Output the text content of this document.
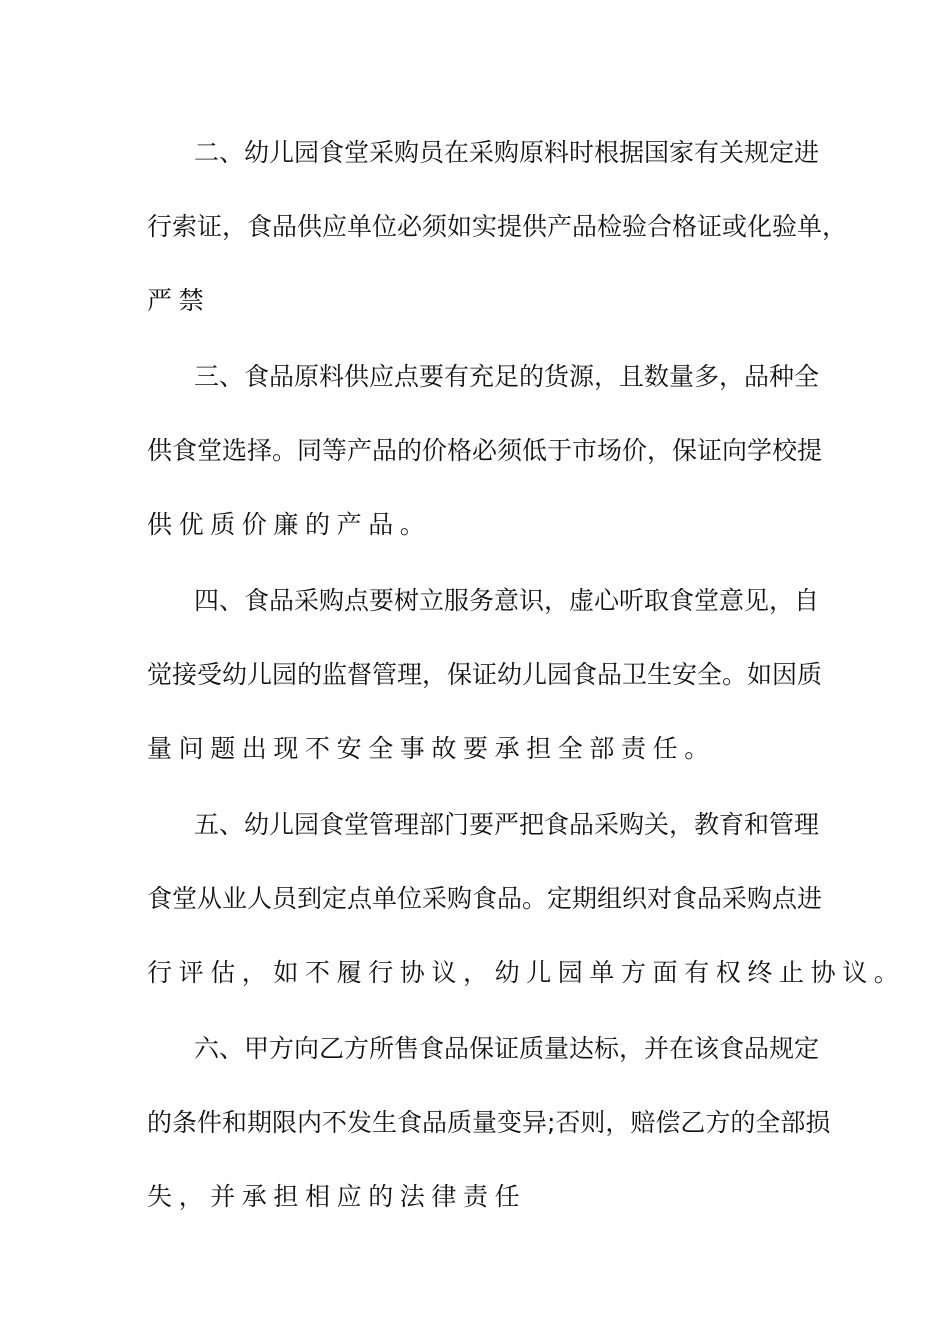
二、幼儿园食堂采购员在采购原料时根据国家有关规定进
行索证，食品供应单位必须如实提供产品检验合格证或化验单，
严禁
三、食品原料供应点要有充足的货源，且数量多，品种全
供食堂选择。同等产品的价格必须低于市场价，保证向学校提
供优质价廉的产品。
四、食品采购点要树立服务意识，虚心听取食堂意见，自
觉接受幼儿园的监督管理，保证幼儿园食品卫生安全。如因质
量问题出现不安全事故要承担全部责任。
五、幼儿园食堂管理部门要严把食品采购关，教育和管理
食堂从业人员到定点单位采购食品。定期组织对食品采购点进
行评估，如不履行协议，幼儿园单方面有权终止协议。
六、甲方向乙方所售食品保证质量达标，并在该食品规定
的条件和期限内不发生食品质量变异;否则，赔偿乙方的全部损
失，并承担相应的法律责任
